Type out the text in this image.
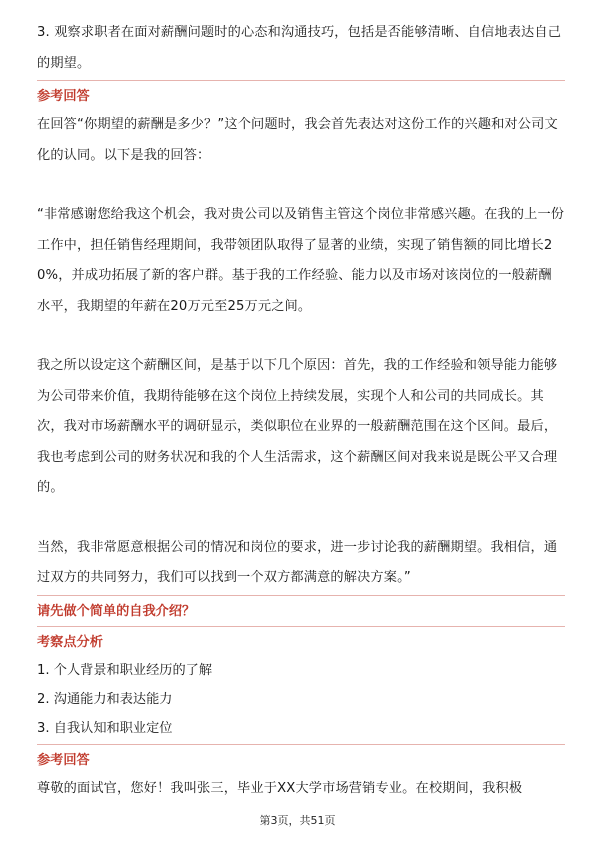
3. 观察求职者在面对薪酬问题时的心态和沟通技巧，包括是否能够清晰、自信地表达自己的期望。

参考回答

在回答“你期望的薪酬是多少？”这个问题时，我会首先表达对这份工作的兴趣和对公司文化的认同。以下是我的回答：

“非常感谢您给我这个机会，我对贵公司以及销售主管这个岗位非常感兴趣。在我的上一份工作中，担任销售经理期间，我带领团队取得了显著的业绩，实现了销售额的同比增长20%，并成功拓展了新的客户群。基于我的工作经验、能力以及市场对该岗位的一般薪酬水平，我期望的年薪在20万元至25万元之间。

我之所以设定这个薪酬区间，是基于以下几个原因：首先，我的工作经验和领导能力能够为公司带来价值，我期待能够在这个岗位上持续发展，实现个人和公司的共同成长。其次，我对市场薪酬水平的调研显示，类似职位在业界的一般薪酬范围在这个区间。最后，我也考虑到公司的财务状况和我的个人生活需求，这个薪酬区间对我来说是既公平又合理的。

当然，我非常愿意根据公司的情况和岗位的要求，进一步讨论我的薪酬期望。我相信，通过双方的共同努力，我们可以找到一个双方都满意的解决方案。”

请先做个简单的自我介绍？

考察点分析

1. 个人背景和职业经历的了解

2. 沟通能力和表达能力

3. 自我认知和职业定位

参考回答

尊敬的面试官，您好！我叫张三，毕业于XX大学市场营销专业。在校期间，我积极

第3页，共51页
